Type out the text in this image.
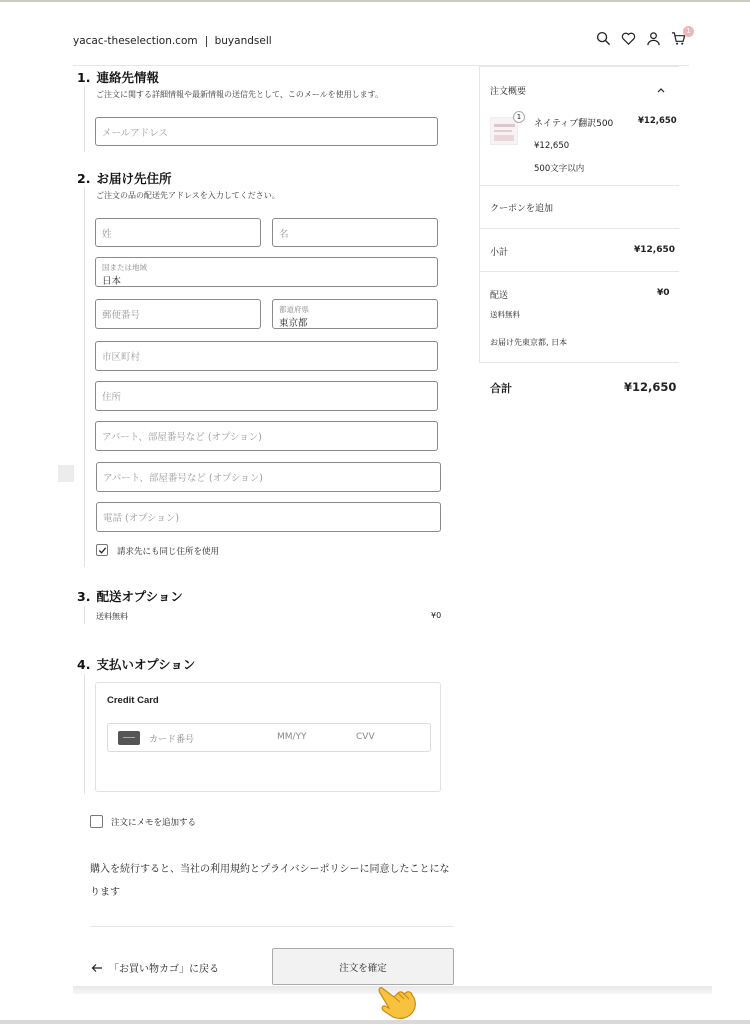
yacac-theselection.com buyandsell
1
1. 連絡先情報
ご注文に関する詳細情報や最新情報の送信先として、このメールを使用します。
メールアドレス
2. お届け先住所
ご注文の品の配送先アドレスを入力してください。
姓	名
国または地域
日本
郵便番号
都道府県
東京都
市区町村
住所
アパート、部屋番号など (オプション)
アパート、部屋番号など (オプション)
電話 (オプション)
請求先にも同じ住所を使用
3. 配送オプション
送料無料	¥0
4. 支払いオプション
Credit Card
カード番号	MM/YY	CVV
注文にメモを追加する
購入を続行すると、当社の利用規約とプライバシーポリシーに同意したことになります
「お買い物カゴ」に戻る	注文を確定
注文概要
1
ネイティブ翻訳500	¥12,650
¥12,650
500文字以内
クーポンを追加
小計	¥12,650
配送	¥0
送料無料
お届け先東京都, 日本
合計	¥12,650
